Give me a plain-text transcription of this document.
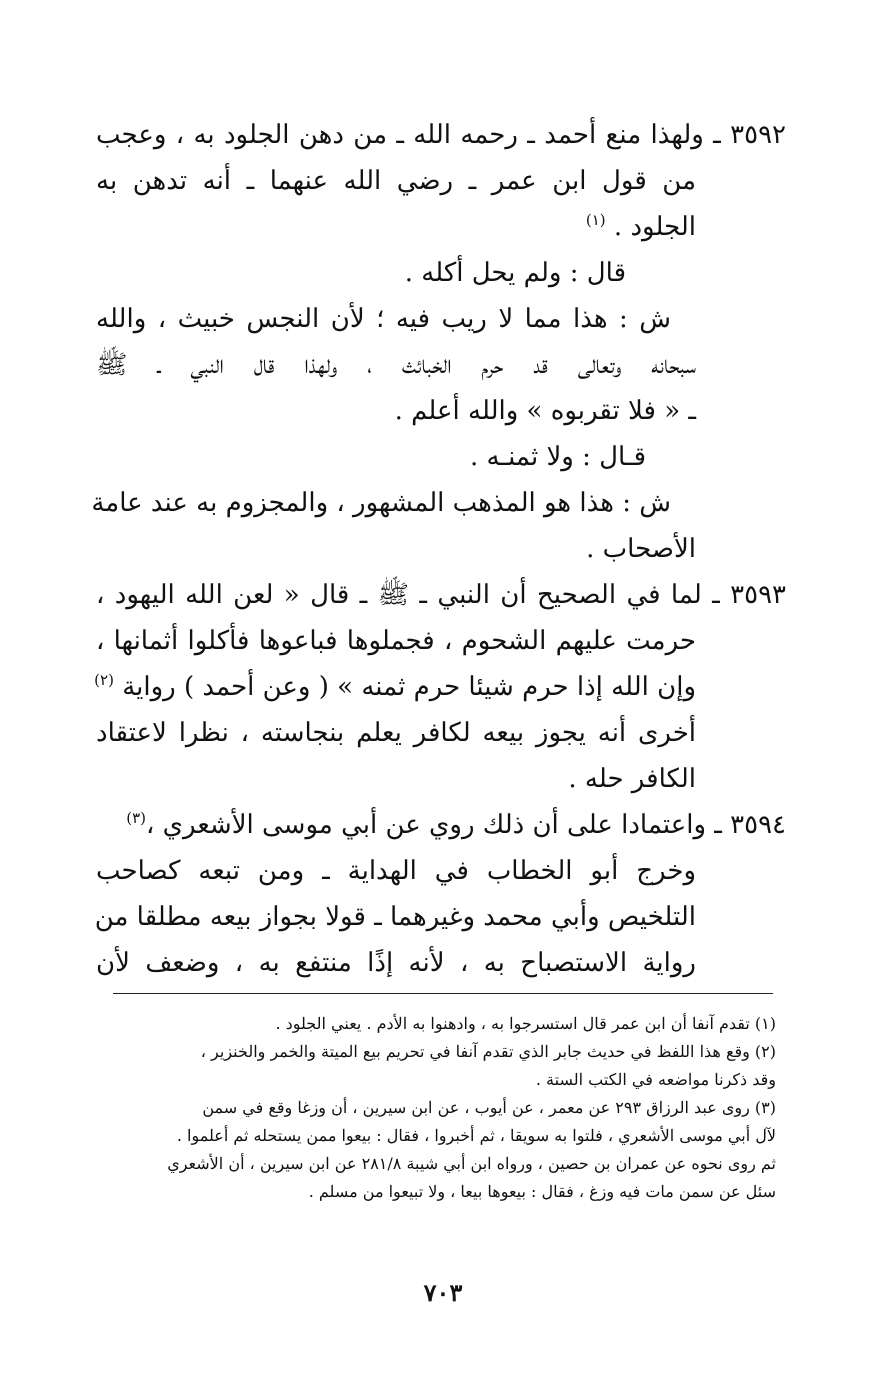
٣٥٩٢ ـ ولهذا منع أحمد ـ رحمه الله ـ من دهن الجلود به ، وعجب
من قول ابن عمر ـ رضي الله عنهما ـ أنه تدهن به
الجلود . $^{(١)}$
قال : ولم يحل أكله .
ش : هذا مما لا ريب فيه ؛ لأن النجس خبيث ، والله
سبحانه وتعالى قد حرم الخبائث ، ولهذا قال النبي ـ ﷺ
ـ « فلا تقربوه » والله أعلم .
قـال : ولا ثمنـه .
ش : هذا هو المذهب المشهور ، والمجزوم به عند عامة
الأصحاب .
٣٥٩٣ ـ لما في الصحيح أن النبي ـ ﷺ ـ قال « لعن الله اليهود ،
حرمت عليهم الشحوم ، فجملوها فباعوها فأكلوا أثمانها ،
وإن الله إذا حرم شيئا حرم ثمنه » ( وعن أحمد ) رواية $^{(٢)}$
أخرى أنه يجوز بيعه لكافر يعلم بنجاسته ، نظرا لاعتقاد
الكافر حله .
٣٥٩٤ ـ واعتمادا على أن ذلك روي عن أبي موسى الأشعري ،$^{(٣)}$
وخرج أبو الخطاب في الهداية ـ ومن تبعه كصاحب
التلخيص وأبي محمد وغيرهما ـ قولا بجواز بيعه مطلقا من
رواية الاستصباح به ، لأنه إذًا منتفع به ، وضعف لأن
(١) تقدم آنفا أن ابن عمر قال استسرجوا به ، وادهنوا به الأدم . يعني الجلود .
(٢) وقع هذا اللفظ في حديث جابر الذي تقدم آنفا في تحريم بيع الميتة والخمر والخنزير ،
وقد ذكرنا مواضعه في الكتب الستة .
(٣) روى عبد الرزاق ٢٩٣ عن معمر ، عن أيوب ، عن ابن سيرين ، أن وزغا وقع في سمن
لآل أبي موسى الأشعري ، فلتوا به سويقا ، ثم أخبروا ، فقال : بيعوا ممن يستحله ثم أعلموا .
ثم روى نحوه عن عمران بن حصين ، ورواه ابن أبي شيبة ٢٨١/٨ عن ابن سيرين ، أن الأشعري
سئل عن سمن مات فيه وزغ ، فقال : بيعوها بيعا ، ولا تبيعوا من مسلم .
٧٠٣
